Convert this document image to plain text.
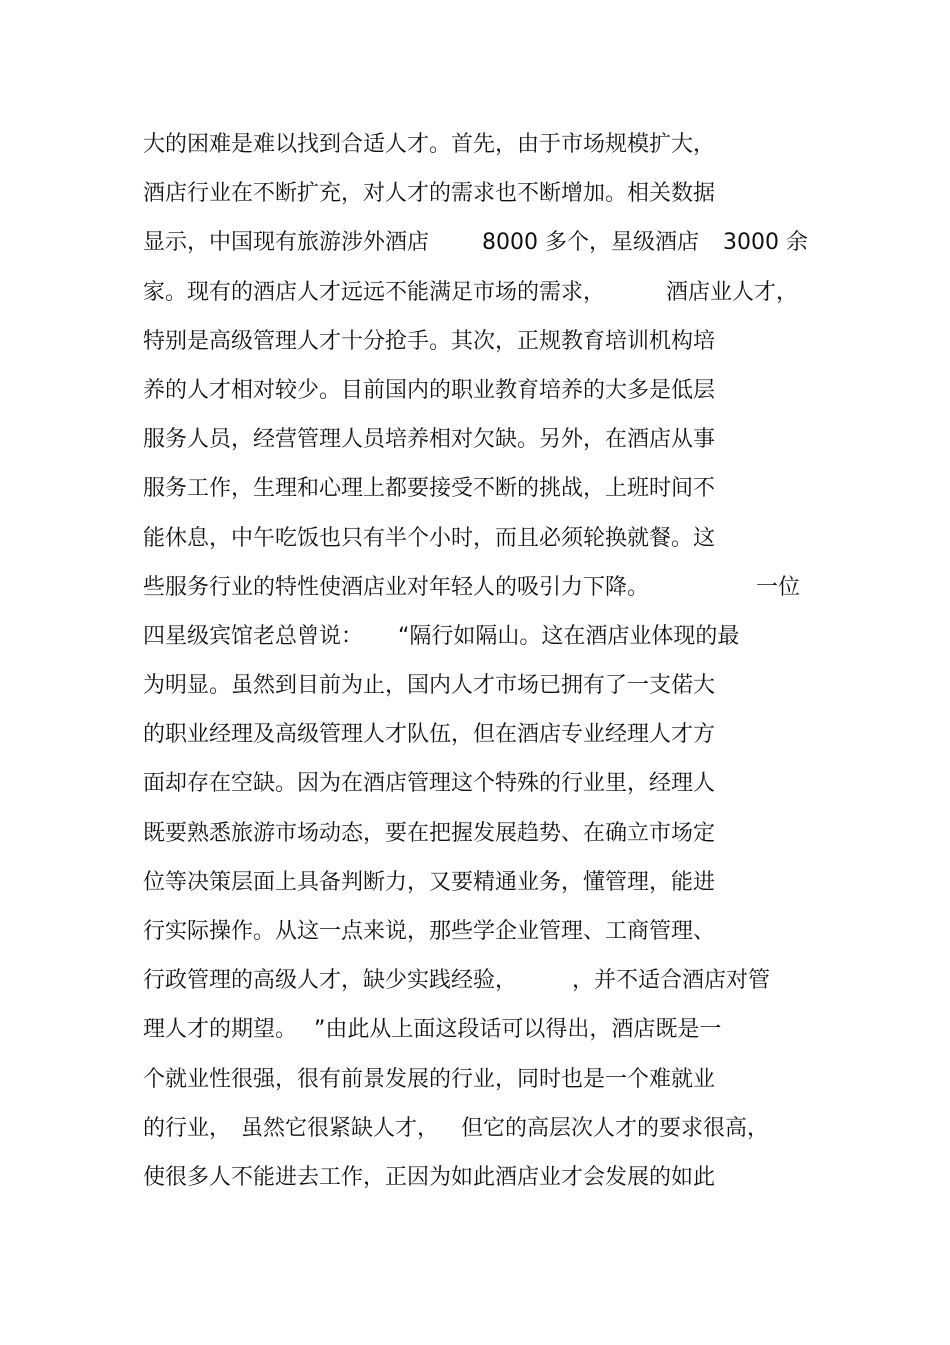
大的困难是难以找到合适人才。首先，由于市场规模扩大，
酒店行业在不断扩充，对人才的需求也不断增加。相关数据
显示，中国现有旅游涉外酒店 8000 多个，星级酒店 3000 余
家。现有的酒店人才远远不能满足市场的需求，	酒店业人才，
特别是高级管理人才十分抢手。其次，正规教育培训机构培
养的人才相对较少。目前国内的职业教育培养的大多是低层
服务人员，经营管理人员培养相对欠缺。另外，在酒店从事
服务工作，生理和心理上都要接受不断的挑战，上班时间不
能休息，中午吃饭也只有半个小时，而且必须轮换就餐。这
些服务行业的特性使酒店业对年轻人的吸引力下降。	一位
四星级宾馆老总曾说： “隔行如隔山。这在酒店业体现的最
为明显。虽然到目前为止，国内人才市场已拥有了一支偌大
的职业经理及高级管理人才队伍，但在酒店专业经理人才方
面却存在空缺。因为在酒店管理这个特殊的行业里，经理人
既要熟悉旅游市场动态，要在把握发展趋势、在确立市场定
位等决策层面上具备判断力，又要精通业务，懂管理，能进
行实际操作。从这一点来说，那些学企业管理、工商管理、
行政管理的高级人才，缺少实践经验， ，并不适合酒店对管
理人才的期望。 ”由此从上面这段话可以得出，酒店既是一
个就业性很强，很有前景发展的行业，同时也是一个难就业
的行业， 虽然它很紧缺人才， 但它的高层次人才的要求很高，
使很多人不能进去工作，正因为如此酒店业才会发展的如此
